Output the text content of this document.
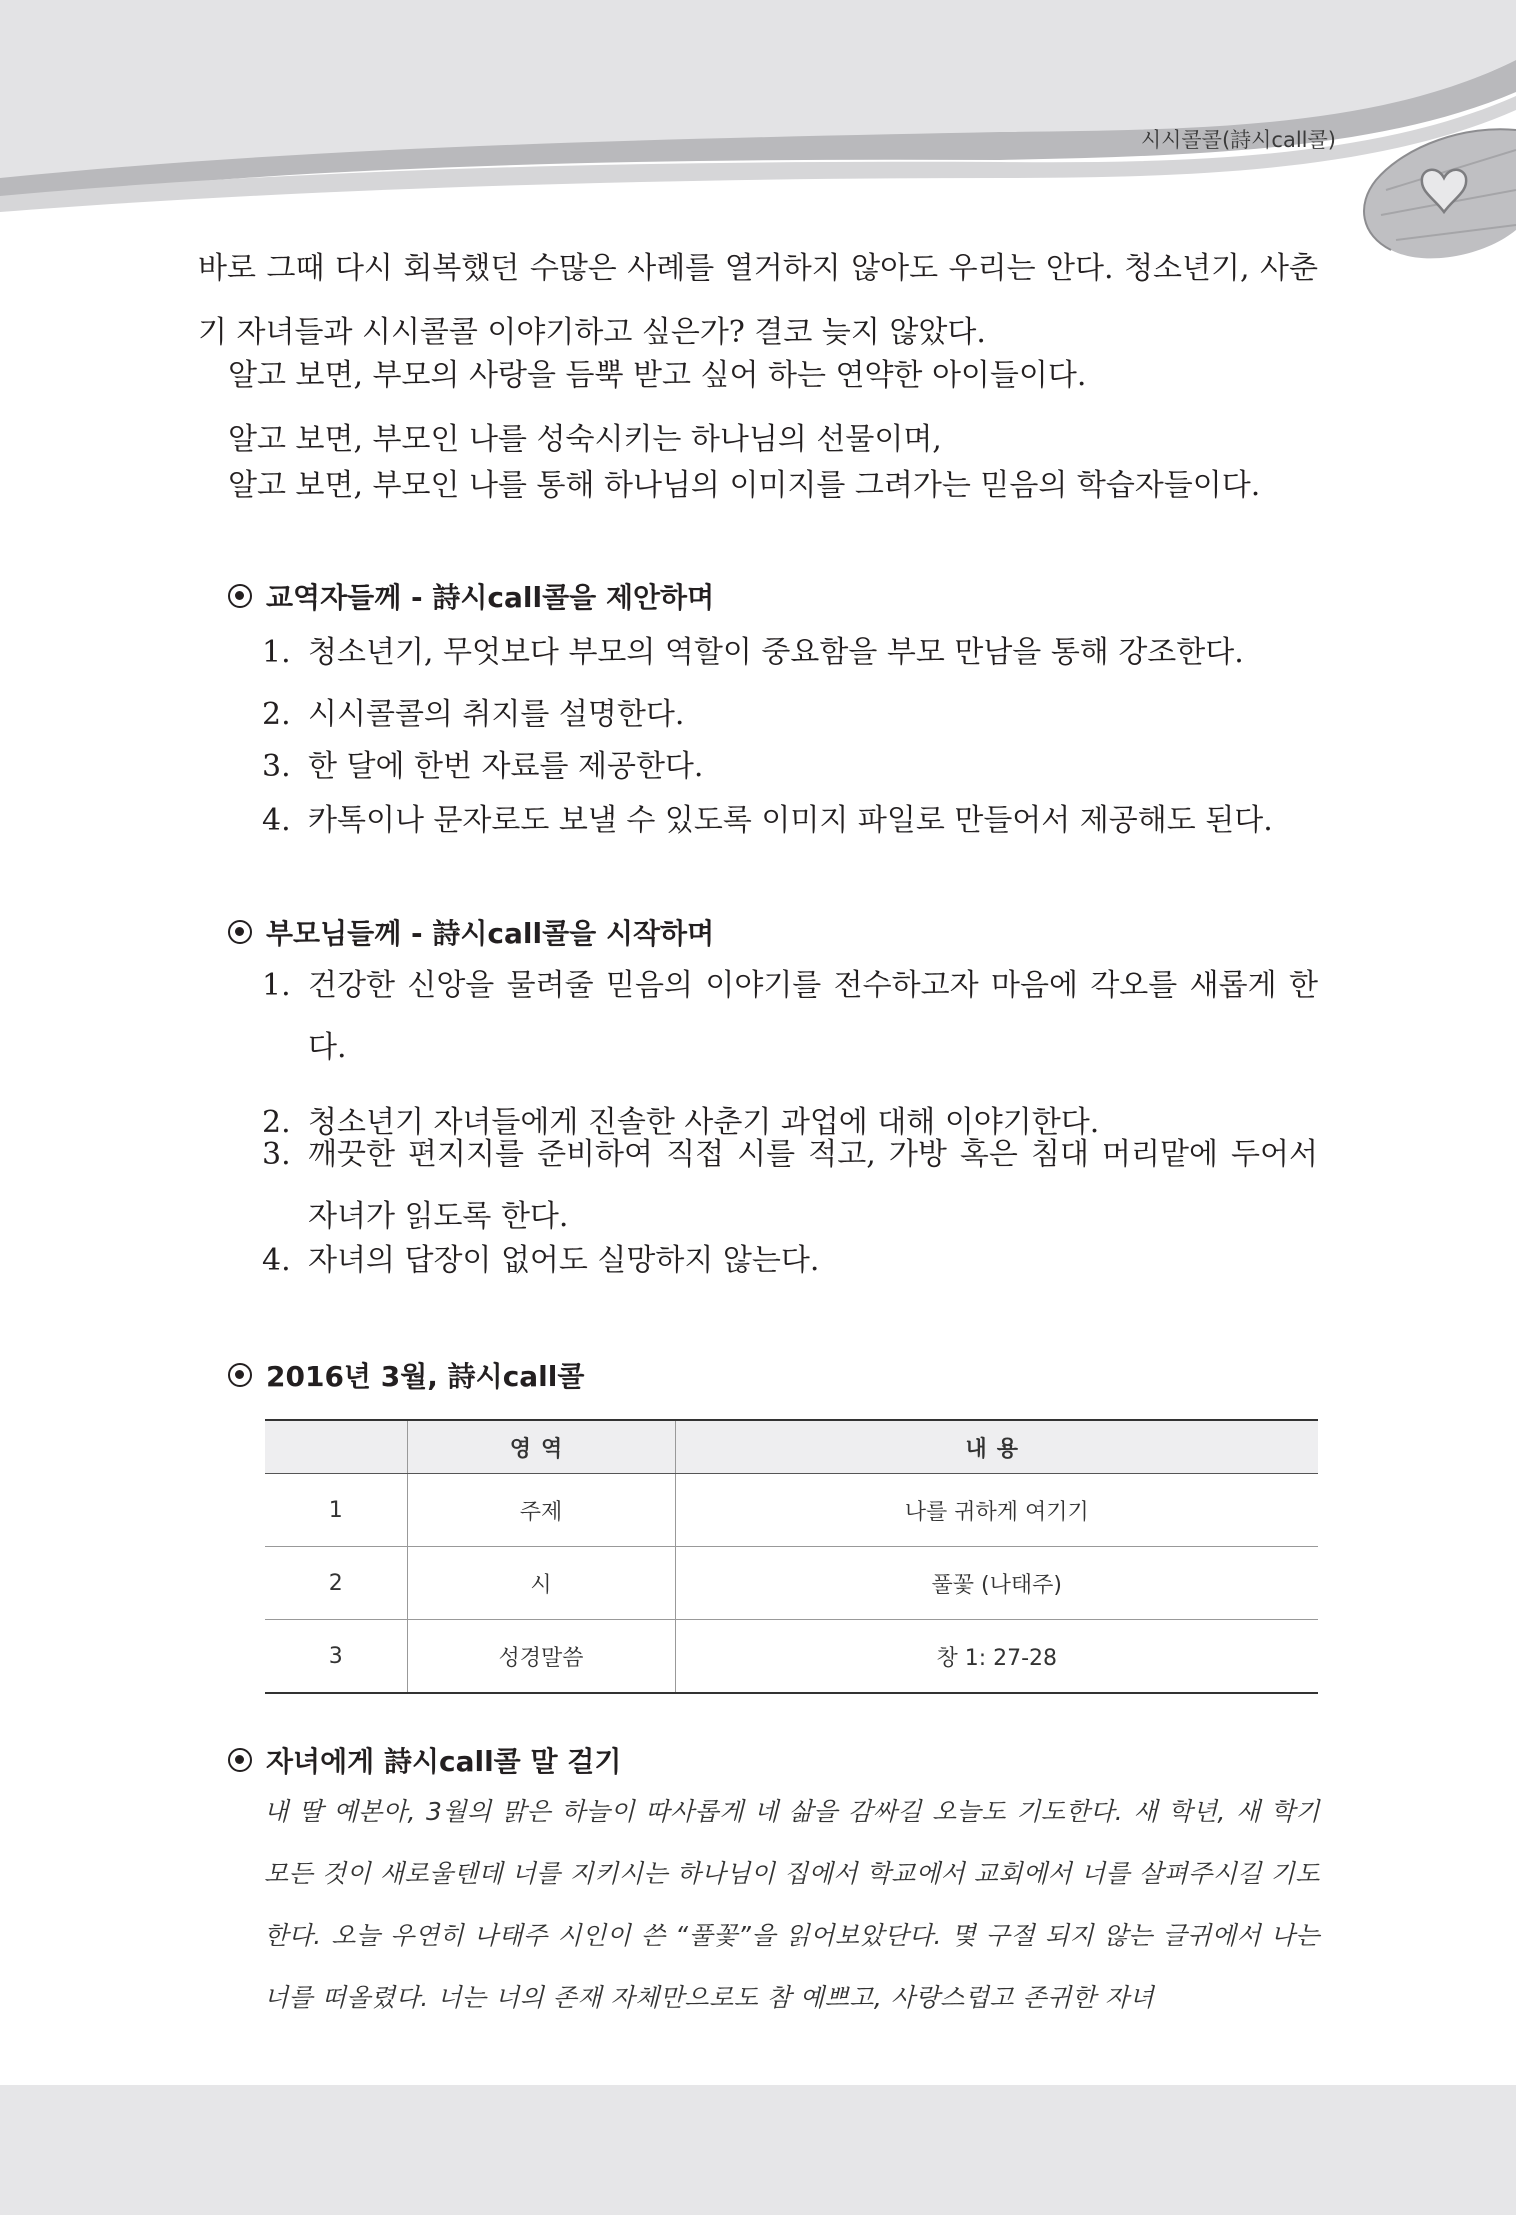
시시콜콜(詩시call콜)

바로 그때 다시 회복했던 수많은 사례를 열거하지 않아도 우리는 안다. 청소년기, 사춘기 자녀들과 시시콜콜 이야기하고 싶은가? 결코 늦지 않았다.

알고 보면, 부모의 사랑을 듬뿍 받고 싶어 하는 연약한 아이들이다.
알고 보면, 부모인 나를 성숙시키는 하나님의 선물이며,
알고 보면, 부모인 나를 통해 하나님의 이미지를 그려가는 믿음의 학습자들이다.
교역자들께 - 詩시call콜을 제안하며
1. 청소년기, 무엇보다 부모의 역할이 중요함을 부모 만남을 통해 강조한다.
2. 시시콜콜의 취지를 설명한다.
3. 한 달에 한번 자료를 제공한다.
4. 카톡이나 문자로도 보낼 수 있도록 이미지 파일로 만들어서 제공해도 된다.
부모님들께 - 詩시call콜을 시작하며
1. 건강한 신앙을 물려줄 믿음의 이야기를 전수하고자 마음에 각오를 새롭게 한다.
2. 청소년기 자녀들에게 진솔한 사춘기 과업에 대해 이야기한다.
3. 깨끗한 편지지를 준비하여 직접 시를 적고, 가방 혹은 침대 머리맡에 두어서 자녀가 읽도록 한다.
4. 자녀의 답장이 없어도 실망하지 않는다.
2016년 3월, 詩시call콜
	영역	내용
1	주제	나를 귀하게 여기기
2	시	풀꽃 (나태주)
3	성경말씀	창 1: 27-28
자녀에게 詩시call콜 말 걸기

내 딸 예본아, 3월의 맑은 하늘이 따사롭게 네 삶을 감싸길 오늘도 기도한다. 새 학년, 새 학기 모든 것이 새로울텐데 너를 지키시는 하나님이 집에서 학교에서 교회에서 너를 살펴주시길 기도한다. 오늘 우연히 나태주 시인이 쓴 “풀꽃”을 읽어보았단다. 몇 구절 되지 않는 글귀에서 나는 너를 떠올렸다. 너는 너의 존재 자체만으로도 참 예쁘고, 사랑스럽고 존귀한 자녀
